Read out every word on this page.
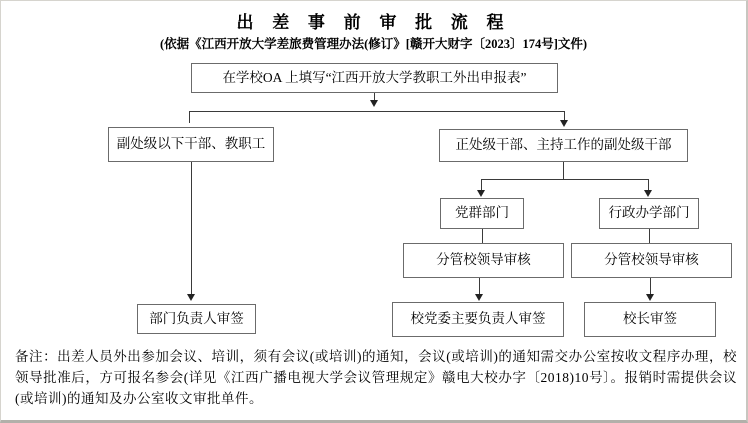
出 差 事 前 审 批 流 程
(依据《江西开放大学差旅费管理办法(修订》[赣开大财字〔2023〕174号]文件)
在学校OA 上填写“江西开放大学教职工外出申报表”
副处级以下干部、教职工	正处级干部、主持工作的副处级干部
党群部门	行政办学部门
分管校领导审核	分管校领导审核
部门负责人审签	校党委主要负责人审签	校长审签
备注：出差人员外出参加会议、培训，须有会议(或培训)的通知，会议(或培训)的通知需交办公室按收文程序办理，校领导批准后，方可报名参会(详见《江西广播电视大学会议管理规定》赣电大校办字〔2018)10号〕。报销时需提供会议(或培训)的通知及办公室收文审批单件。
